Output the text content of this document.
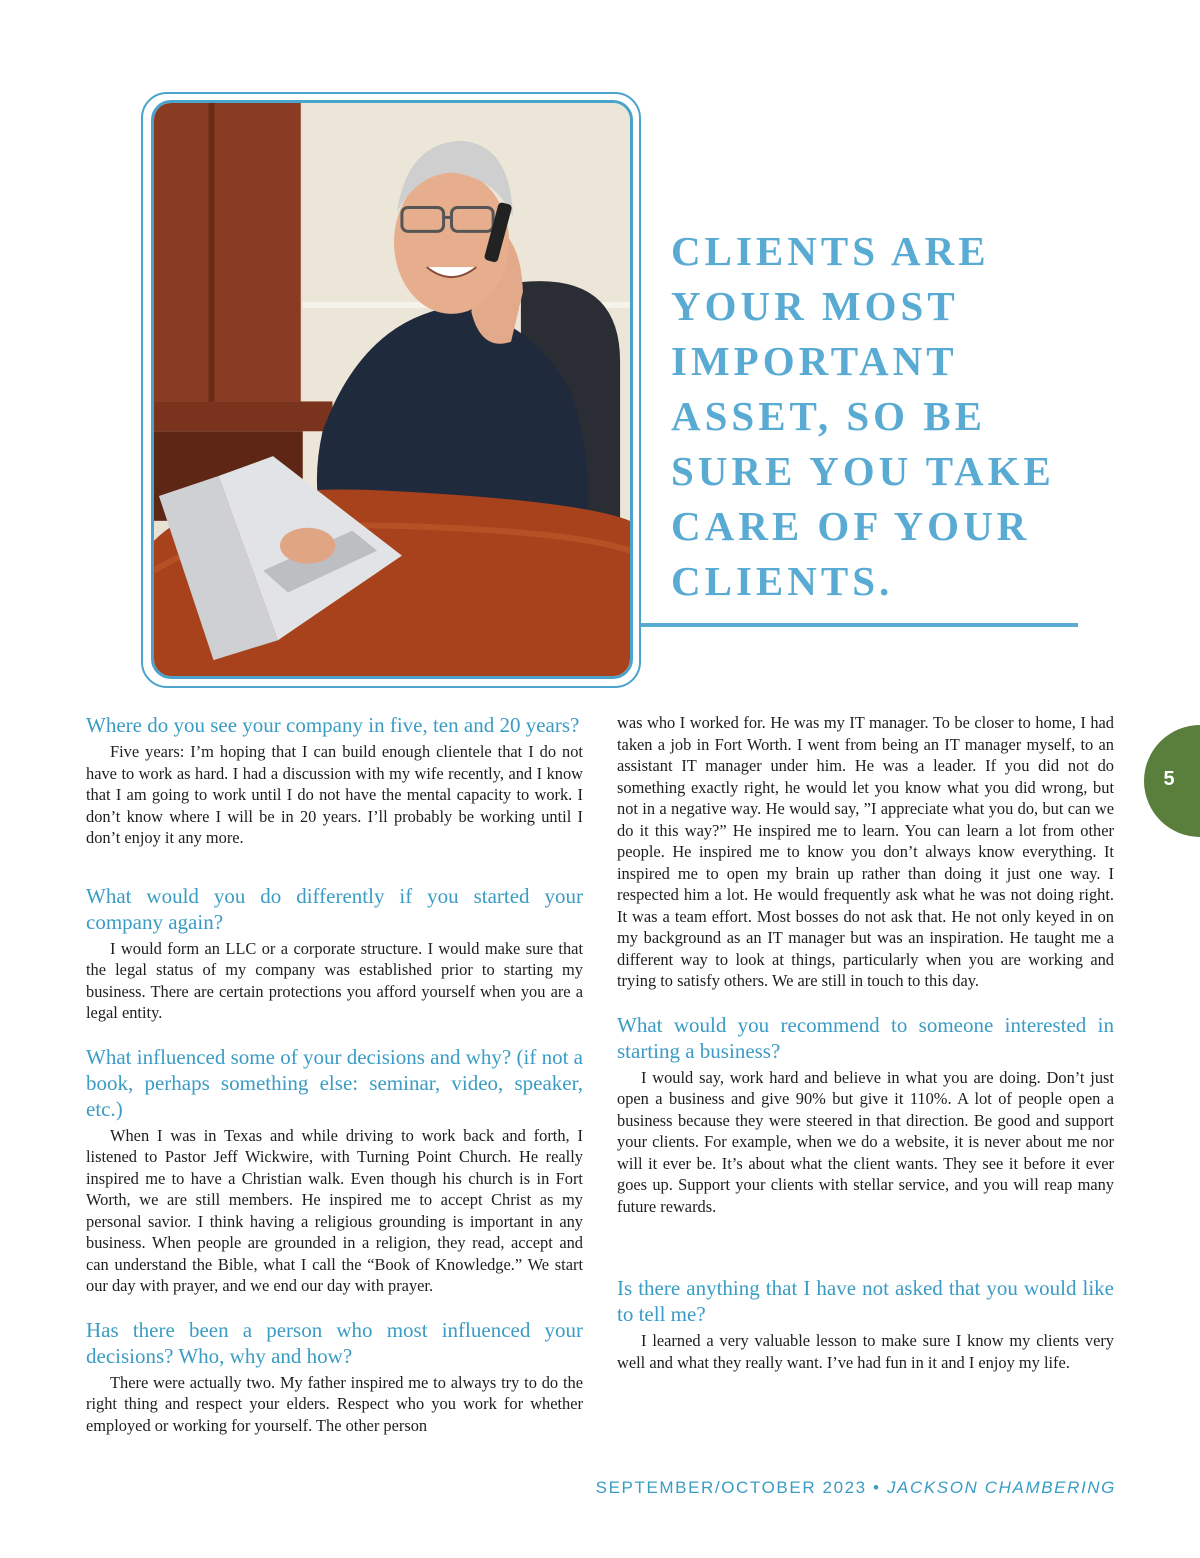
CLIENTS ARE YOUR MOST IMPORTANT ASSET, SO BE SURE YOU TAKE CARE OF YOUR CLIENTS.

5
Where do you see your company in five, ten and 20 years?

Five years: I’m hoping that I can build enough clientele that I do not have to work as hard. I had a discussion with my wife recently, and I know that I am going to work until I do not have the mental capacity to work. I don’t know where I will be in 20 years. I’ll probably be working until I don’t enjoy it any more.

What would you do differently if you started your company again?

I would form an LLC or a corporate structure. I would make sure that the legal status of my company was established prior to starting my business. There are certain protections you afford yourself when you are a legal entity.

What influenced some of your decisions and why? (if not a book, perhaps something else: seminar, video, speaker, etc.)

When I was in Texas and while driving to work back and forth, I listened to Pastor Jeff Wickwire, with Turning Point Church. He really inspired me to have a Christian walk. Even though his church is in Fort Worth, we are still members. He inspired me to accept Christ as my personal savior. I think having a religious grounding is important in any business. When people are grounded in a religion, they read, accept and can understand the Bible, what I call the “Book of Knowledge.” We start our day with prayer, and we end our day with prayer.

Has there been a person who most influenced your decisions? Who, why and how?

There were actually two. My father inspired me to always try to do the right thing and respect your elders. Respect who you work for whether employed or working for yourself. The other person

was who I worked for. He was my IT manager. To be closer to home, I had taken a job in Fort Worth. I went from being an IT manager myself, to an assistant IT manager under him. He was a leader. If you did not do something exactly right, he would let you know what you did wrong, but not in a negative way. He would say, ”I appreciate what you do, but can we do it this way?” He inspired me to learn. You can learn a lot from other people. He inspired me to know you don’t always know everything. It inspired me to open my brain up rather than doing it just one way. I respected him a lot. He would frequently ask what he was not doing right. It was a team effort. Most bosses do not ask that. He not only keyed in on my background as an IT manager but was an inspiration. He taught me a different way to look at things, particularly when you are working and trying to satisfy others. We are still in touch to this day.

What would you recommend to someone interested in starting a business?

I would say, work hard and believe in what you are doing. Don’t just open a business and give 90% but give it 110%. A lot of people open a business because they were steered in that direction. Be good and support your clients. For example, when we do a website, it is never about me nor will it ever be. It’s about what the client wants. They see it before it ever goes up. Support your clients with stellar service, and you will reap many future rewards.

Is there anything that I have not asked that you would like to tell me?

I learned a very valuable lesson to make sure I know my clients very well and what they really want. I’ve had fun in it and I enjoy my life.

SEPTEMBER/OCTOBER 2023 • JACKSON CHAMBERING
